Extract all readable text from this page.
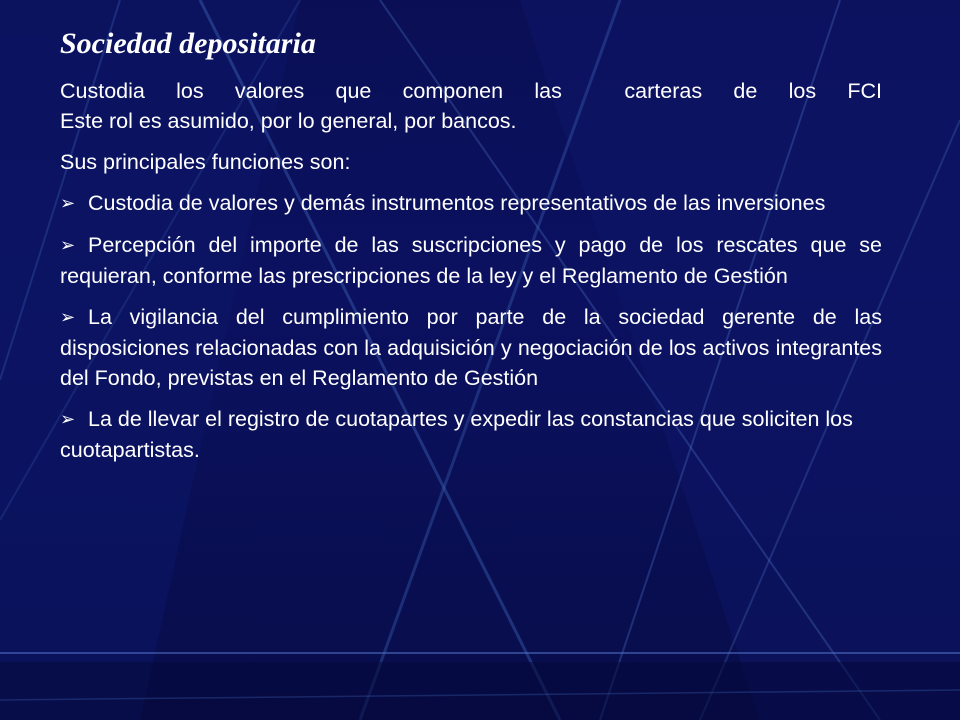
Sociedad depositaria
Custodia los valores que componen las  carteras de los FCI
Este rol es asumido, por lo general, por bancos.
Sus principales funciones son:
➢ Custodia de valores y demás instrumentos representativos de las inversiones
➢ Percepción del importe de las suscripciones y pago de los rescates que se requieran, conforme las prescripciones de la ley y el Reglamento de Gestión
➢ La vigilancia del cumplimiento por parte de la sociedad gerente de las disposiciones relacionadas con la adquisición y negociación de los activos integrantes del Fondo, previstas en el Reglamento de Gestión
➢ La de llevar el registro de cuotapartes y expedir las constancias que soliciten los cuotapartistas.
